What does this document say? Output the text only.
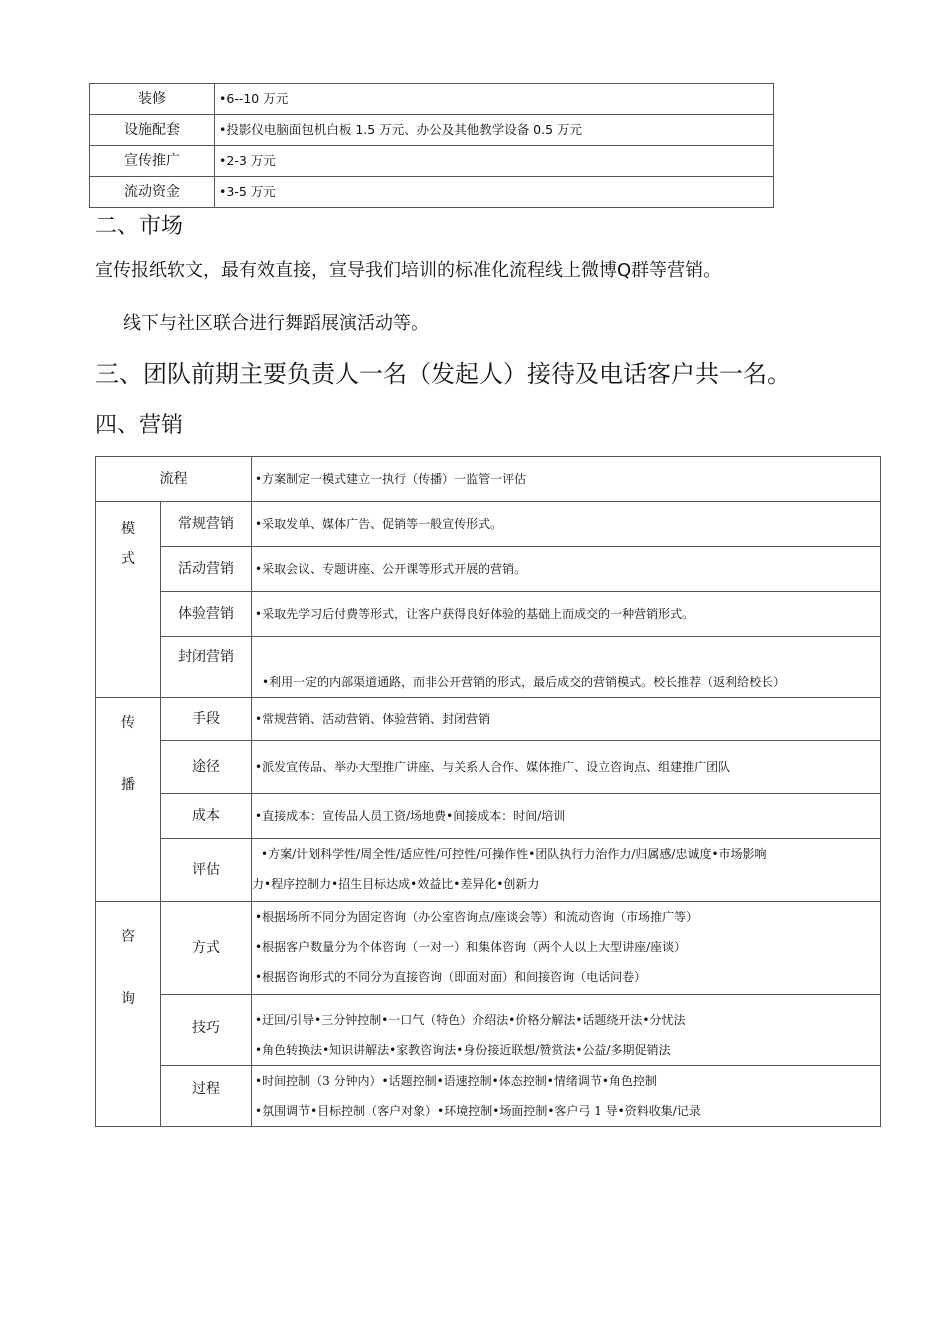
装修	•6--10 万元
设施配套	•投影仪电脑面包机白板 1.5 万元、办公及其他教学设备 0.5 万元
宣传推广	•2-3 万元
流动资金	•3-5 万元
二、市场
宣传报纸软文，最有效直接，宣导我们培训的标准化流程线上微博Q群等营销。
线下与社区联合进行舞蹈展演活动等。
三、团队前期主要负责人一名（发起人）接待及电话客户共一名。
四、营销
流程		•方案制定一模式建立一执行（传播）一监管一评估

模
式	常规营销	•采取发单、媒体广告、促销等一般宣传形式。
	活动营销	•采取会议、专题讲座、公开课等形式开展的营销。
	体验营销	•采取先学习后付费等形式，让客户获得良好体验的基础上而成交的一种营销形式。
	封闭营销	•利用一定的内部渠道通路，而非公开营销的形式，最后成交的营销模式。校长推荐（返利给校长）

传
播	手段	•常规营销、活动营销、体验营销、封闭营销
	途径	•派发宣传品、举办大型推广讲座、与关系人合作、媒体推广、设立咨询点、组建推广团队
	成本	•直接成本：宣传品人员工资/场地费•间接成本：时间/培训
	评估	•方案/计划科学性/周全性/适应性/可控性/可操作性•团队执行力治作力/归属感/忠诚度•市场影响
力•程序控制力•招生目标达成•效益比•差异化•创新力

咨
询	方式	•根据场所不同分为固定咨询（办公室咨询点/座谈会等）和流动咨询（市场推广等）
•根据客户数量分为个体咨询（一对一）和集体咨询（两个人以上大型讲座/座谈）
•根据咨询形式的不同分为直接咨询（即面对面）和间接咨询（电话问卷）

	技巧	•迂回/引导•三分钟控制•一口气（特色）介绍法•价格分解法•话题绕开法•分忧法
•角色转换法•知识讲解法•家教咨询法•身份接近联想/赞赏法•公益/多期促销法

	过程	•时间控制（3 分钟内）•话题控制•语速控制•体态控制•情绪调节•角色控制
•氛围调节•目标控制（客户对象）•环境控制•场面控制•客户弓 1 导•资料收集/记录
